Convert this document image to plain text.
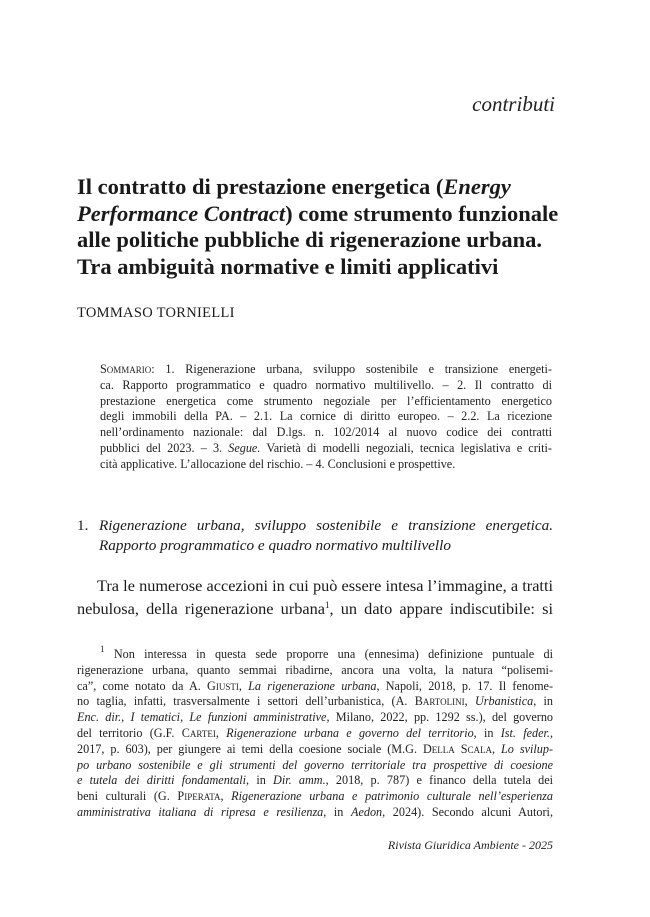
contributi
Il contratto di prestazione energetica (Energy
Performance Contract) come strumento funzionale
alle politiche pubbliche di rigenerazione urbana.
Tra ambiguità normative e limiti applicativi
TOMMASO TORNIELLI
Sommario: 1. Rigenerazione urbana, sviluppo sostenibile e transizione energeti-
ca. Rapporto programmatico e quadro normativo multilivello. – 2. Il contratto di
prestazione energetica come strumento negoziale per l’efficientamento energetico
degli immobili della PA. – 2.1. La cornice di diritto europeo. – 2.2. La ricezione
nell’ordinamento nazionale: dal D.lgs. n. 102/2014 al nuovo codice dei contratti
pubblici del 2023. – 3. Segue. Varietà di modelli negoziali, tecnica legislativa e criti-
cità applicative. L’allocazione del rischio. – 4. Conclusioni e prospettive.
1. Rigenerazione urbana, sviluppo sostenibile e transizione energetica.
Rapporto programmatico e quadro normativo multilivello
Tra le numerose accezioni in cui può essere intesa l’immagine, a tratti
nebulosa, della rigenerazione urbana$^1$, un dato appare indiscutibile: si
$^1$ Non interessa in questa sede proporre una (ennesima) definizione puntuale di
rigenerazione urbana, quanto semmai ribadirne, ancora una volta, la natura “polisemi-
ca”, come notato da A. Giusti, La rigenerazione urbana, Napoli, 2018, p. 17. Il fenome-
no taglia, infatti, trasversalmente i settori dell’urbanistica, (A. Bartolini, Urbanistica, in
Enc. dir., I tematici, Le funzioni amministrative, Milano, 2022, pp. 1292 ss.), del governo
del territorio (G.F. Cartei, Rigenerazione urbana e governo del territorio, in Ist. feder.,
2017, p. 603), per giungere ai temi della coesione sociale (M.G. Della Scala, Lo svilup-
po urbano sostenibile e gli strumenti del governo territoriale tra prospettive di coesione
e tutela dei diritti fondamentali, in Dir. amm., 2018, p. 787) e financo della tutela dei
beni culturali (G. Piperata, Rigenerazione urbana e patrimonio culturale nell’esperienza
amministrativa italiana di ripresa e resilienza, in Aedon, 2024). Secondo alcuni Autori,
Rivista Giuridica Ambiente - 2025
